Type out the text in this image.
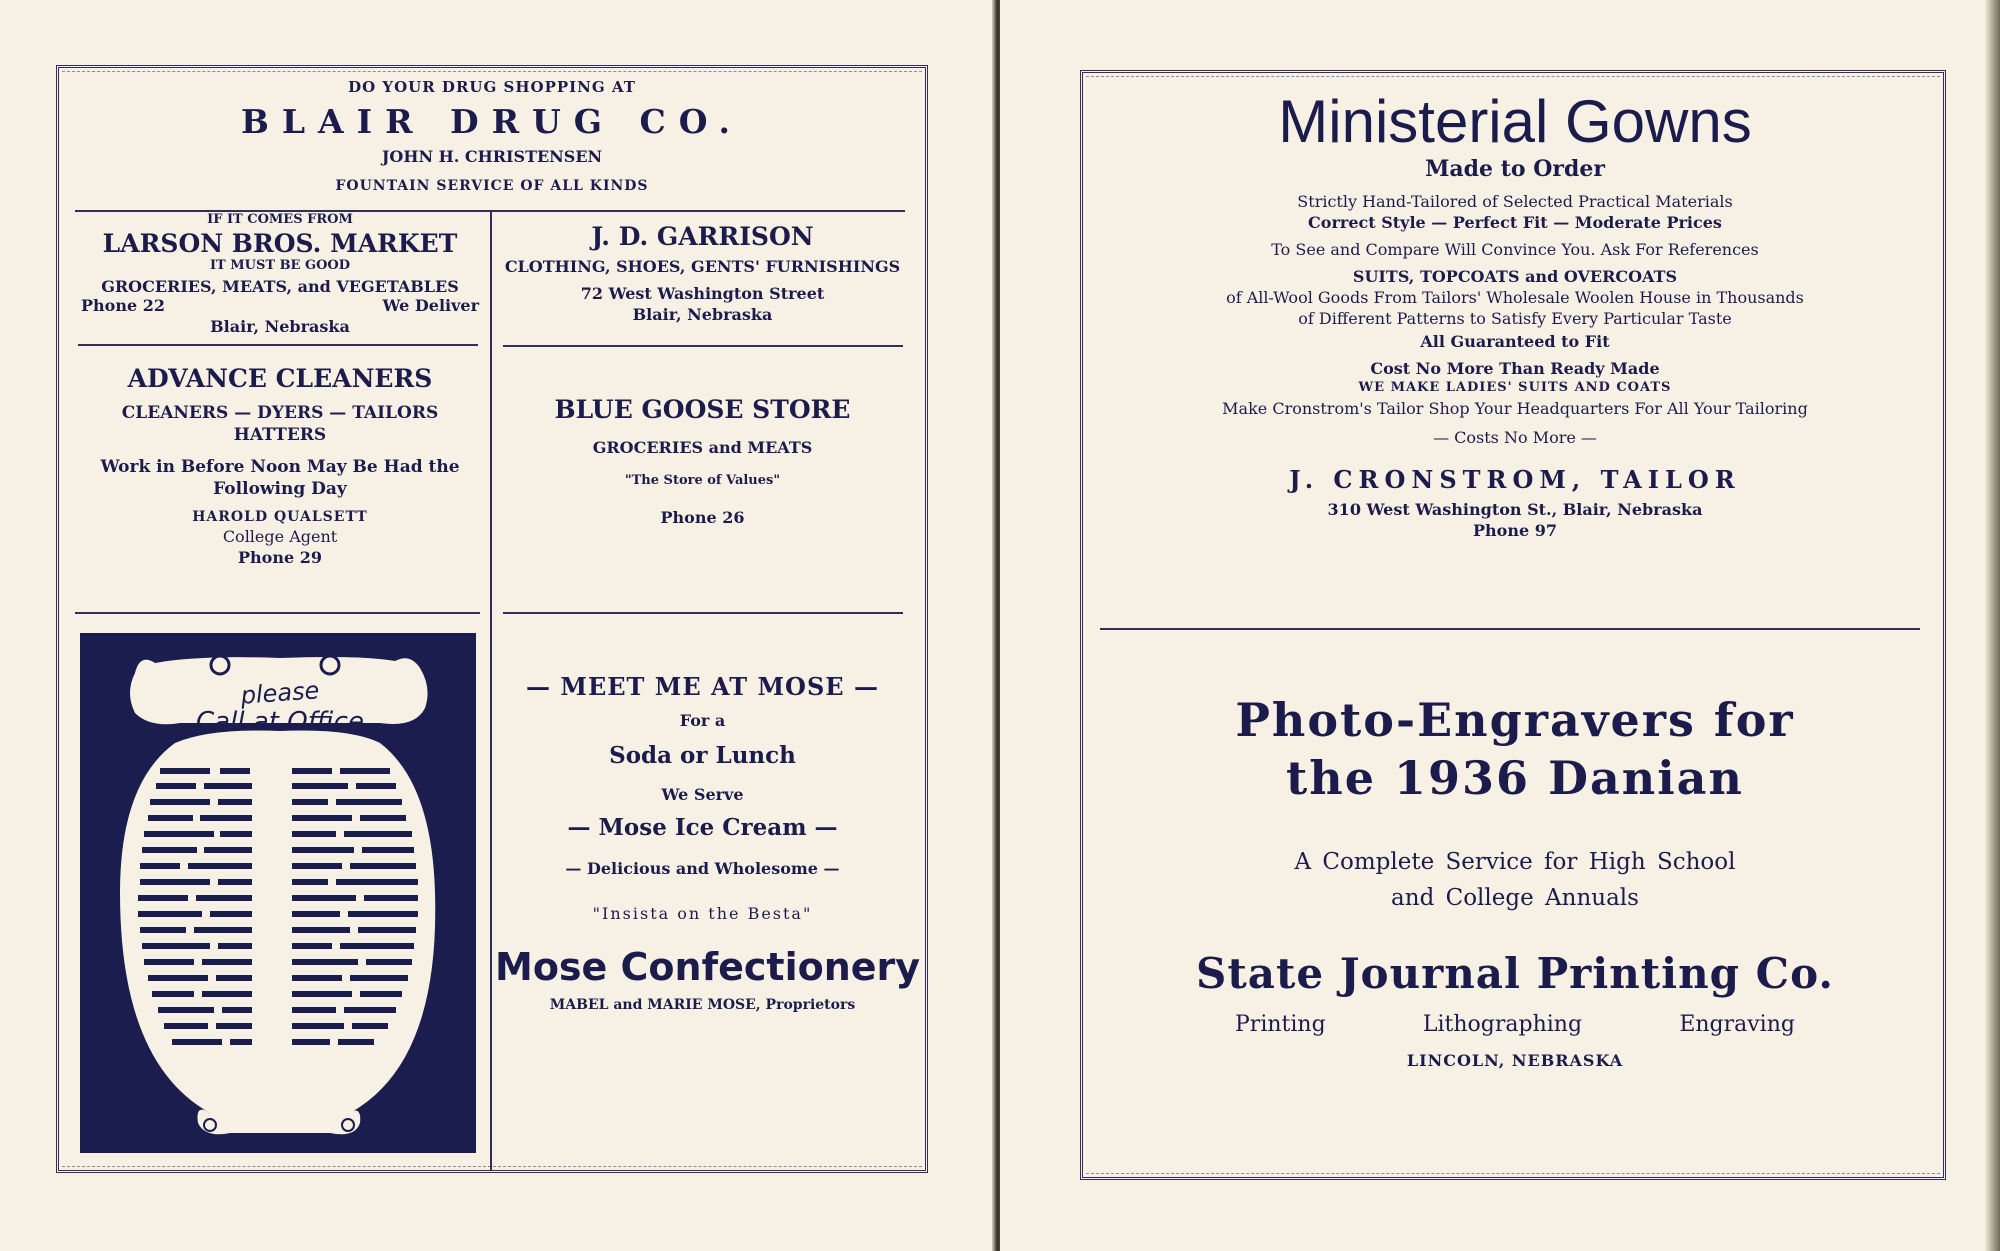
DO YOUR DRUG SHOPPING AT
BLAIR DRUG CO.
JOHN H. CHRISTENSEN
FOUNTAIN SERVICE OF ALL KINDS
IF IT COMES FROM
LARSON BROS. MARKET
IT MUST BE GOOD
GROCERIES, MEATS, and VEGETABLES
Phone 22	We Deliver
Blair, Nebraska
J. D. GARRISON
CLOTHING, SHOES, GENTS' FURNISHINGS
72 West Washington Street
Blair, Nebraska
ADVANCE CLEANERS
CLEANERS — DYERS — TAILORS
HATTERS
Work in Before Noon May Be Had the
Following Day
HAROLD QUALSETT
College Agent
Phone 29
BLUE GOOSE STORE
GROCERIES and MEATS
"The Store of Values"
Phone 26
please
Call at Office
— MEET ME AT MOSE —
For a
Soda or Lunch
We Serve
— Mose Ice Cream —
— Delicious and Wholesome —
"Insista on the Besta"
Mose Confectionery
MABEL and MARIE MOSE, Proprietors
Ministerial Gowns
Made to Order
Strictly Hand-Tailored of Selected Practical Materials
Correct Style — Perfect Fit — Moderate Prices
To See and Compare Will Convince You. Ask For References
SUITS, TOPCOATS and OVERCOATS
of All-Wool Goods From Tailors' Wholesale Woolen House in Thousands
of Different Patterns to Satisfy Every Particular Taste
All Guaranteed to Fit
Cost No More Than Ready Made
WE MAKE LADIES' SUITS AND COATS
Make Cronstrom's Tailor Shop Your Headquarters For All Your Tailoring
— Costs No More —
J. CRONSTROM, TAILOR
310 West Washington St., Blair, Nebraska
Phone 97
Photo-Engravers for
the 1936 Danian
A Complete Service for High School
and College Annuals
State Journal Printing Co.
Printing	Lithographing	Engraving
LINCOLN, NEBRASKA
